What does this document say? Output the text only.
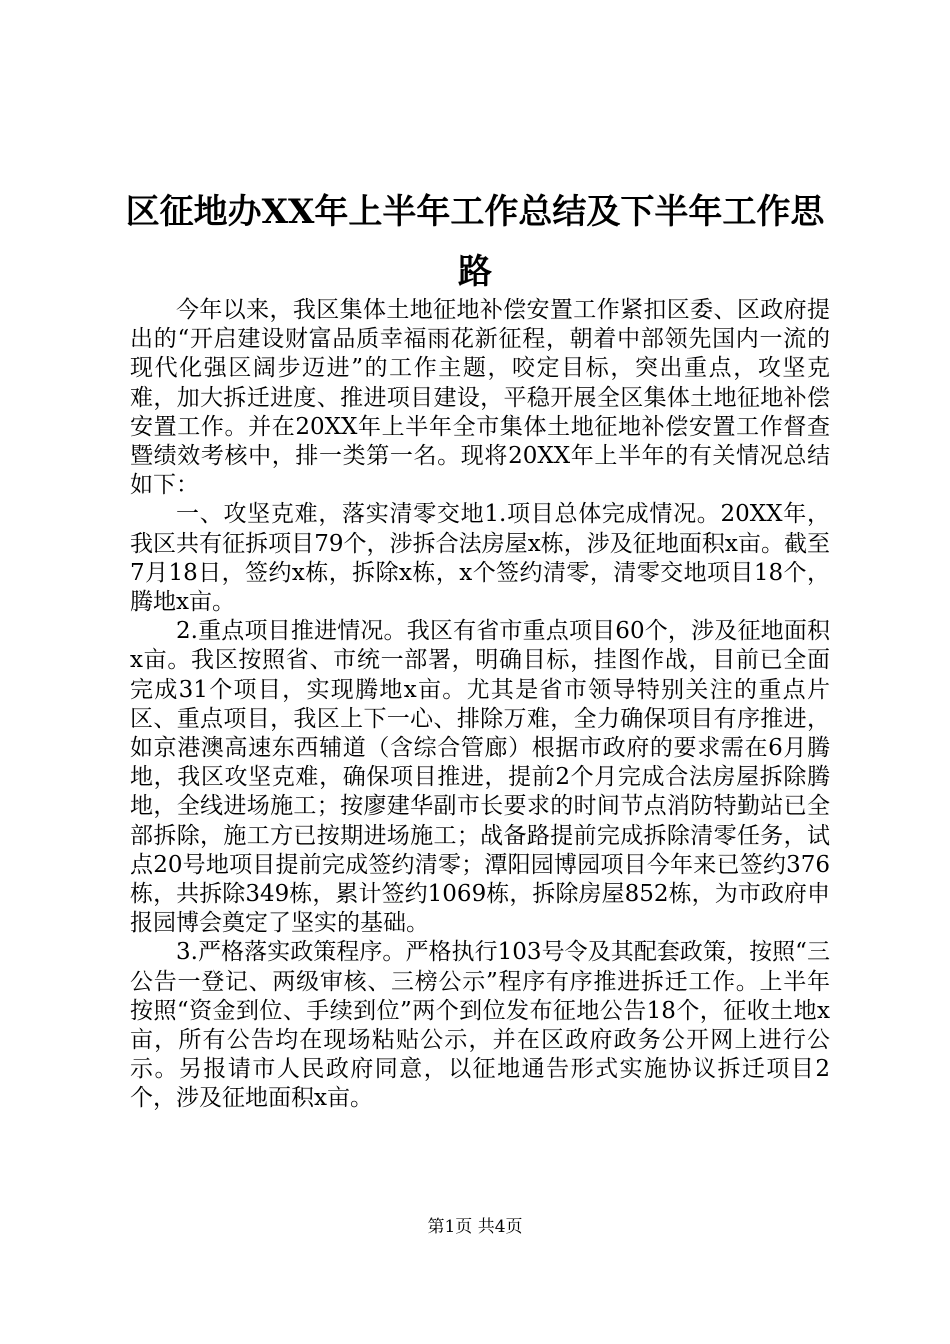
区征地办XX年上半年工作总结及下半年工作思路

今年以来，我区集体土地征地补偿安置工作紧扣区委、区政府提出的“开启建设财富品质幸福雨花新征程，朝着中部领先国内一流的现代化强区阔步迈进”的工作主题，咬定目标，突出重点，攻坚克难，加大拆迁进度、推进项目建设，平稳开展全区集体土地征地补偿安置工作。并在20XX年上半年全市集体土地征地补偿安置工作督查暨绩效考核中，排一类第一名。现将20XX年上半年的有关情况总结如下：

一、攻坚克难，落实清零交地1.项目总体完成情况。20XX年，我区共有征拆项目79个，涉拆合法房屋x栋，涉及征地面积x亩。截至7月18日，签约x栋，拆除x栋，x个签约清零，清零交地项目18个，腾地x亩。

2.重点项目推进情况。我区有省市重点项目60个，涉及征地面积x亩。我区按照省、市统一部署，明确目标，挂图作战，目前已全面完成31个项目，实现腾地x亩。尤其是省市领导特别关注的重点片区、重点项目，我区上下一心、排除万难，全力确保项目有序推进，如京港澳高速东西辅道（含综合管廊）根据市政府的要求需在6月腾地，我区攻坚克难，确保项目推进，提前2个月完成合法房屋拆除腾地，全线进场施工；按廖建华副市长要求的时间节点消防特勤站已全部拆除，施工方已按期进场施工；战备路提前完成拆除清零任务，试点20号地项目提前完成签约清零；潭阳园博园项目今年来已签约376栋，共拆除349栋，累计签约1069栋，拆除房屋852栋，为市政府申报园博会奠定了坚实的基础。

3.严格落实政策程序。严格执行103号令及其配套政策，按照“三公告一登记、两级审核、三榜公示”程序有序推进拆迁工作。上半年按照“资金到位、手续到位”两个到位发布征地公告18个，征收土地x亩，所有公告均在现场粘贴公示，并在区政府政务公开网上进行公示。另报请市人民政府同意，以征地通告形式实施协议拆迁项目2个，涉及征地面积x亩。

第1页 共4页
